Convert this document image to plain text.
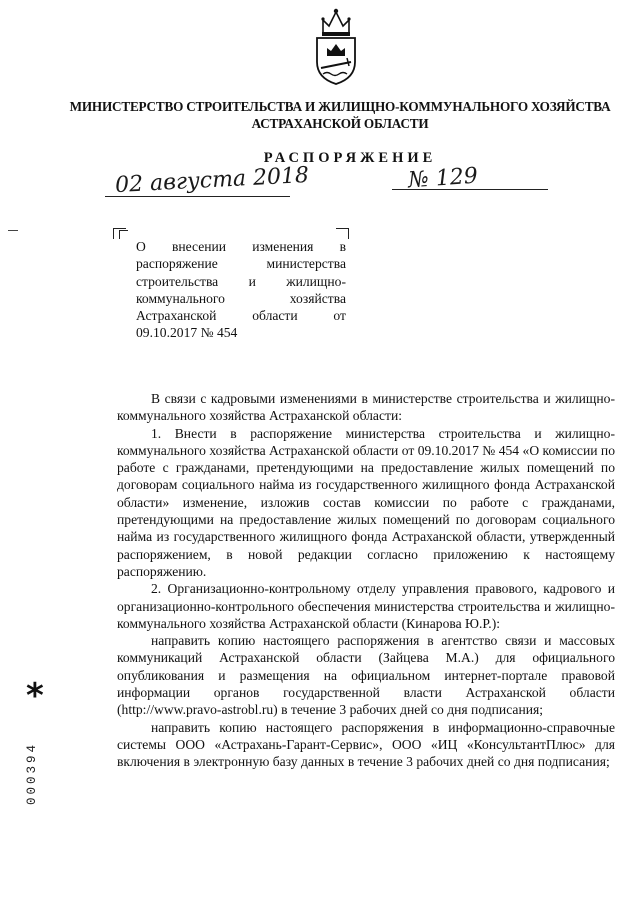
МИНИСТЕРСТВО СТРОИТЕЛЬСТВА И ЖИЛИЩНО-КОММУНАЛЬНОГО ХОЗЯЙСТВА
АСТРАХАНСКОЙ ОБЛАСТИ
РАСПОРЯЖЕНИЕ
02 августа 2018	№ 129
О внесении изменения в
распоряжение министерства
строительства и жилищно-
коммунального хозяйства
Астраханской области от
09.10.2017 № 454

В связи с кадровыми изменениями в министерстве строительства и жилищно-коммунального хозяйства Астраханской области:

1. Внести в распоряжение министерства строительства и жилищно-коммунального хозяйства Астраханской области от 09.10.2017 № 454 «О комиссии по работе с гражданами, претендующими на предоставление жилых помещений по договорам социального найма из государственного жилищного фонда Астраханской области» изменение, изложив состав комиссии по работе с гражданами, претендующими на предоставление жилых помещений по договорам социального найма из государственного жилищного фонда Астраханской области, утвержденный распоряжением, в новой редакции согласно приложению к настоящему распоряжению.

2. Организационно-контрольному отделу управления правового, кадрового и организационно-контрольного обеспечения министерства строительства и жилищно-коммунального хозяйства Астраханской области (Кинарова Ю.Р.):

направить копию настоящего распоряжения в агентство связи и массовых коммуникаций Астраханской области (Зайцева М.А.) для официального опубликования и размещения на официальном интернет-портале правовой информации органов государственной власти Астраханской области (http://www.pravo-astrobl.ru) в течение 3 рабочих дней со дня подписания;

направить копию настоящего распоряжения в информационно-справочные системы ООО «Астрахань-Гарант-Сервис», ООО «ИЦ «КонсультантПлюс» для включения в электронную базу данных в течение 3 рабочих дней со дня подписания;

*
000394
